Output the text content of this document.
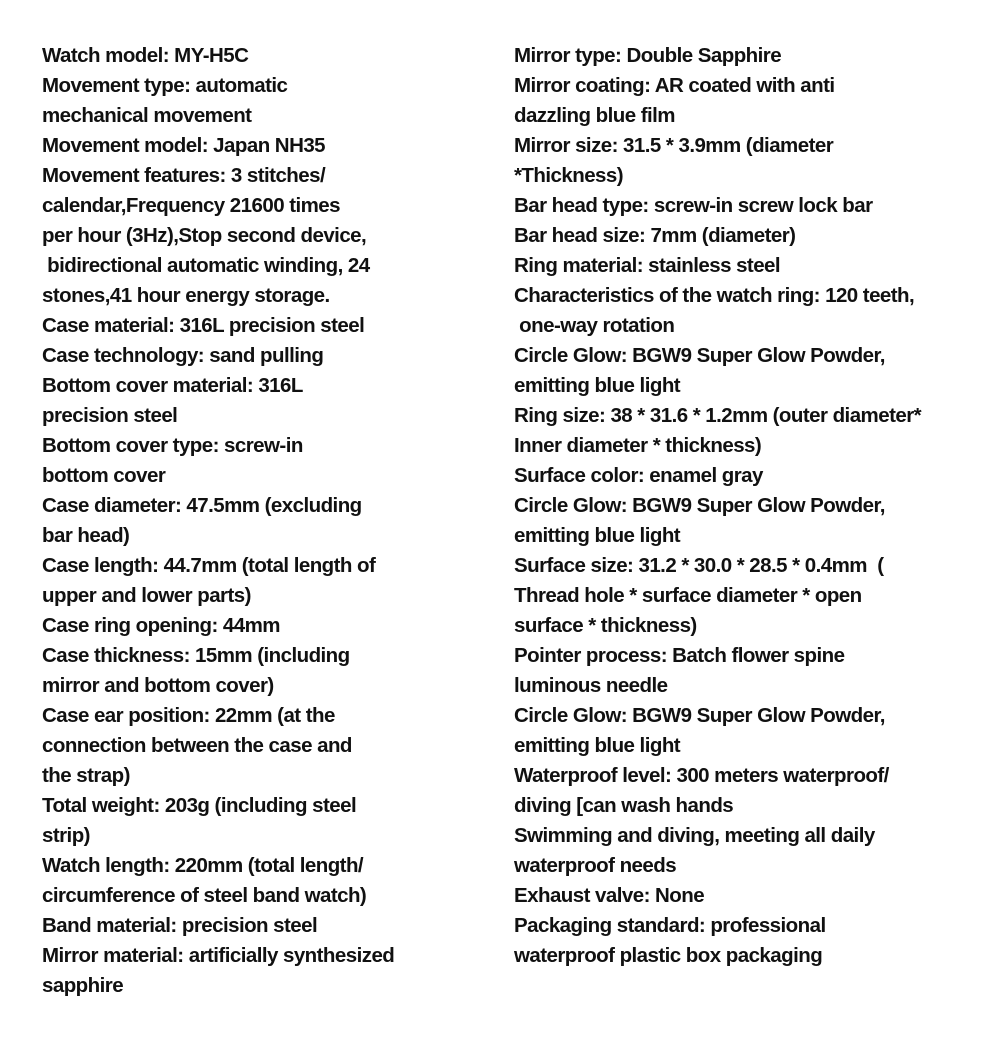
Watch model: MY-H5C
Movement type: automatic
mechanical movement
Movement model: Japan NH35
Movement features: 3 stitches/
calendar,Frequency 21600 times
per hour (3Hz),Stop second device,
bidirectional automatic winding, 24
stones,41 hour energy storage.
Case material: 316L precision steel
Case technology: sand pulling
Bottom cover material: 316L
precision steel
Bottom cover type: screw-in
bottom cover
Case diameter: 47.5mm (excluding
bar head)
Case length: 44.7mm (total length of
upper and lower parts)
Case ring opening: 44mm
Case thickness: 15mm (including
mirror and bottom cover)
Case ear position: 22mm (at the
connection between the case and
the strap)
Total weight: 203g (including steel
strip)
Watch length: 220mm (total length/
circumference of steel band watch)
Band material: precision steel
Mirror material: artificially synthesized
sapphire
Mirror type: Double Sapphire
Mirror coating: AR coated with anti
dazzling blue film
Mirror size: 31.5 * 3.9mm (diameter
*Thickness)
Bar head type: screw-in screw lock bar
Bar head size: 7mm (diameter)
Ring material: stainless steel
Characteristics of the watch ring: 120 teeth,
one-way rotation
Circle Glow: BGW9 Super Glow Powder,
emitting blue light
Ring size: 38 * 31.6 * 1.2mm (outer diameter*
Inner diameter * thickness)
Surface color: enamel gray
Circle Glow: BGW9 Super Glow Powder,
emitting blue light
Surface size: 31.2 * 30.0 * 28.5 * 0.4mm  (
Thread hole * surface diameter * open
surface * thickness)
Pointer process: Batch flower spine
luminous needle
Circle Glow: BGW9 Super Glow Powder,
emitting blue light
Waterproof level: 300 meters waterproof/
diving [can wash hands
Swimming and diving, meeting all daily
waterproof needs
Exhaust valve: None
Packaging standard: professional
waterproof plastic box packaging
